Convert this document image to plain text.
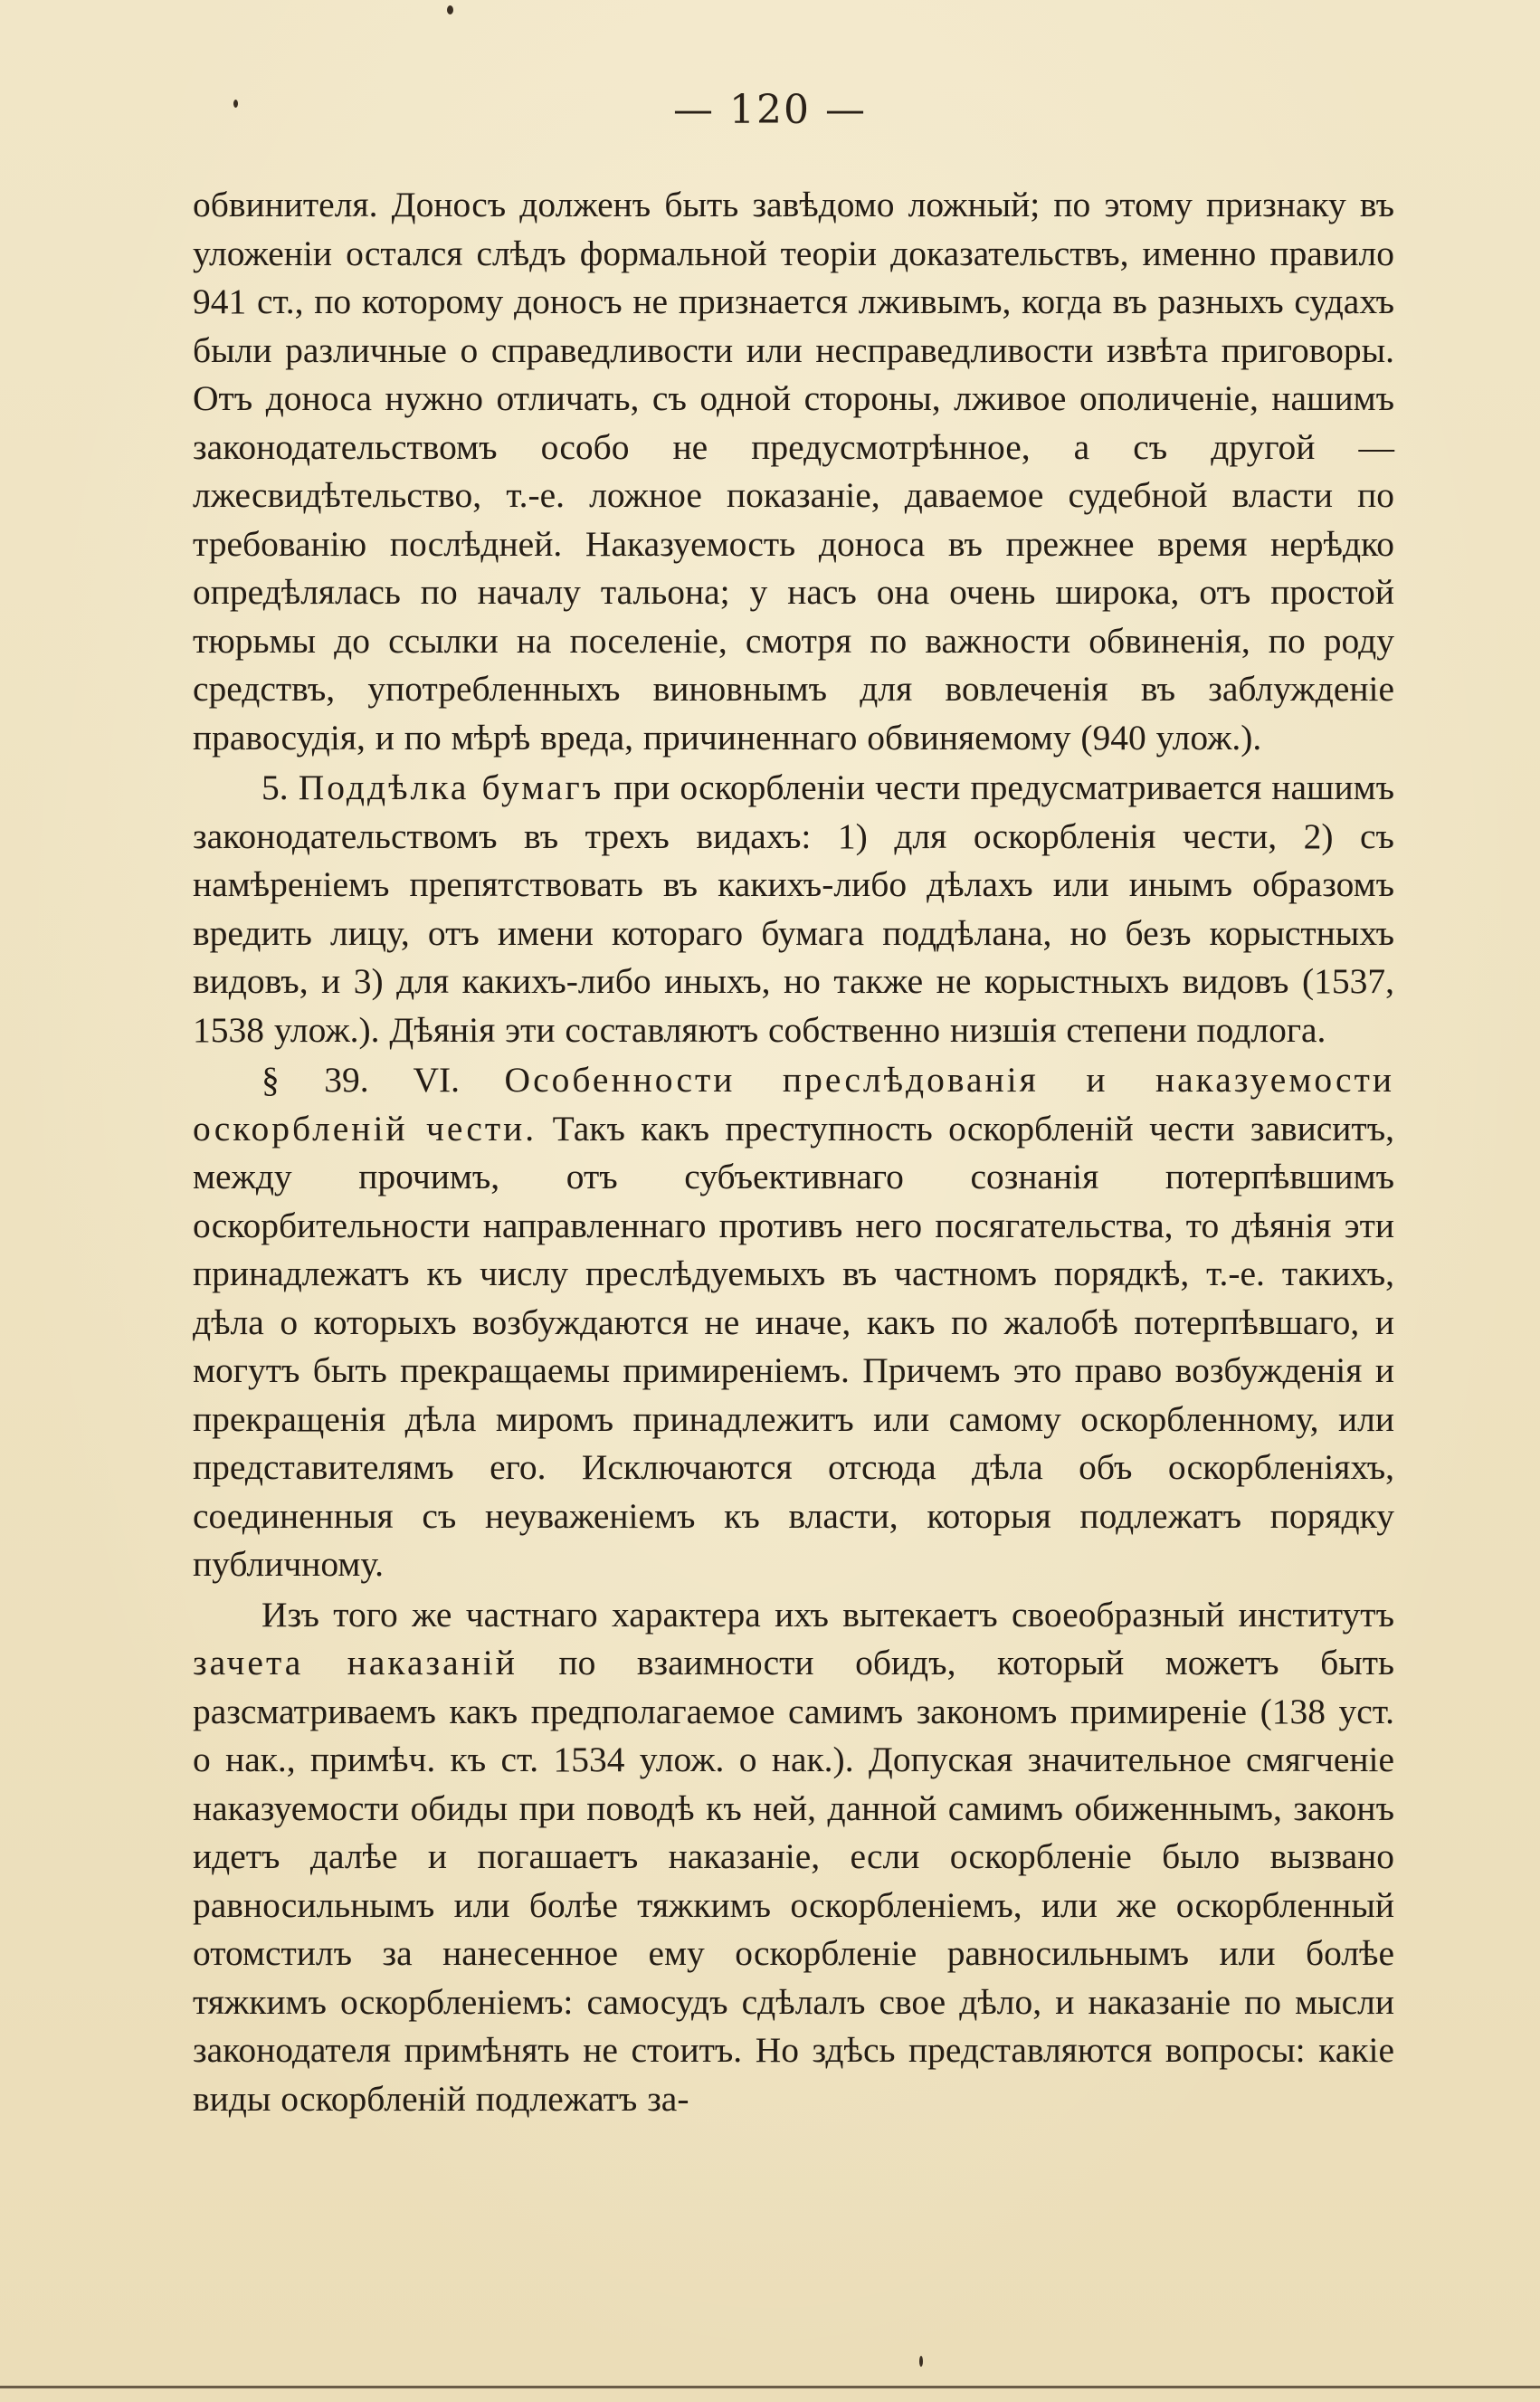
— 120 —

обвинителя. Доносъ долженъ быть завѣдомо ложный; по этому признаку въ уложеніи остался слѣдъ формальной теоріи доказательствъ, именно правило 941 ст., по которому доносъ не признается лживымъ, когда въ разныхъ судахъ были различные о справедливости или несправедливости извѣта приговоры. Отъ доноса нужно отличать, съ одной стороны, лживое ополиченіе, нашимъ законодательствомъ особо не предусмотрѣнное, а съ другой — лжесвидѣтельство, т.-е. ложное показаніе, даваемое судебной власти по требованію послѣдней. Наказуемость доноса въ прежнее время нерѣдко опредѣлялась по началу тальона; у насъ она очень широка, отъ простой тюрьмы до ссылки на поселеніе, смотря по важности обвиненія, по роду средствъ, употребленныхъ виновнымъ для вовлеченія въ заблужденіе правосудія, и по мѣрѣ вреда, причиненнаго обвиняемому (940 улож.).

5. Поддѣлка бумагъ при оскорбленіи чести предусматривается нашимъ законодательствомъ въ трехъ видахъ: 1) для оскорбленія чести, 2) съ намѣреніемъ препятствовать въ какихъ-либо дѣлахъ или инымъ образомъ вредить лицу, отъ имени котораго бумага поддѣлана, но безъ корыстныхъ видовъ, и 3) для какихъ-либо иныхъ, но также не корыстныхъ видовъ (1537, 1538 улож.). Дѣянія эти составляютъ собственно низшія степени подлога.

§ 39. VI. Особенности преслѣдованія и наказуемости оскорбленій чести. Такъ какъ преступность оскорбленій чести зависитъ, между прочимъ, отъ субъективнаго сознанія потерпѣвшимъ оскорбительности направленнаго противъ него посягательства, то дѣянія эти принадлежатъ къ числу преслѣдуемыхъ въ частномъ порядкѣ, т.-е. такихъ, дѣла о которыхъ возбуждаются не иначе, какъ по жалобѣ потерпѣвшаго, и могутъ быть прекращаемы примиреніемъ. Причемъ это право возбужденія и прекращенія дѣла миромъ принадлежитъ или самому оскорбленному, или представителямъ его. Исключаются отсюда дѣла объ оскорбленіяхъ, соединенныя съ неуваженіемъ къ власти, которыя подлежатъ порядку публичному.

Изъ того же частнаго характера ихъ вытекаетъ своеобразный институтъ зачета наказаній по взаимности обидъ, который можетъ быть разсматриваемъ какъ предполагаемое самимъ закономъ примиреніе (138 уст. о нак., примѣч. къ ст. 1534 улож. о нак.). Допуская значительное смягченіе наказуемости обиды при поводѣ къ ней, данной самимъ обиженнымъ, законъ идетъ далѣе и погашаетъ наказаніе, если оскорбленіе было вызвано равносильнымъ или болѣе тяжкимъ оскорбленіемъ, или же оскорбленный отомстилъ за нанесенное ему оскорбленіе равносильнымъ или болѣе тяжкимъ оскорбленіемъ: самосудъ сдѣлалъ свое дѣло, и наказаніе по мысли законодателя примѣнять не стоитъ. Но здѣсь представляются вопросы: какіе виды оскорбленій подлежатъ за-
